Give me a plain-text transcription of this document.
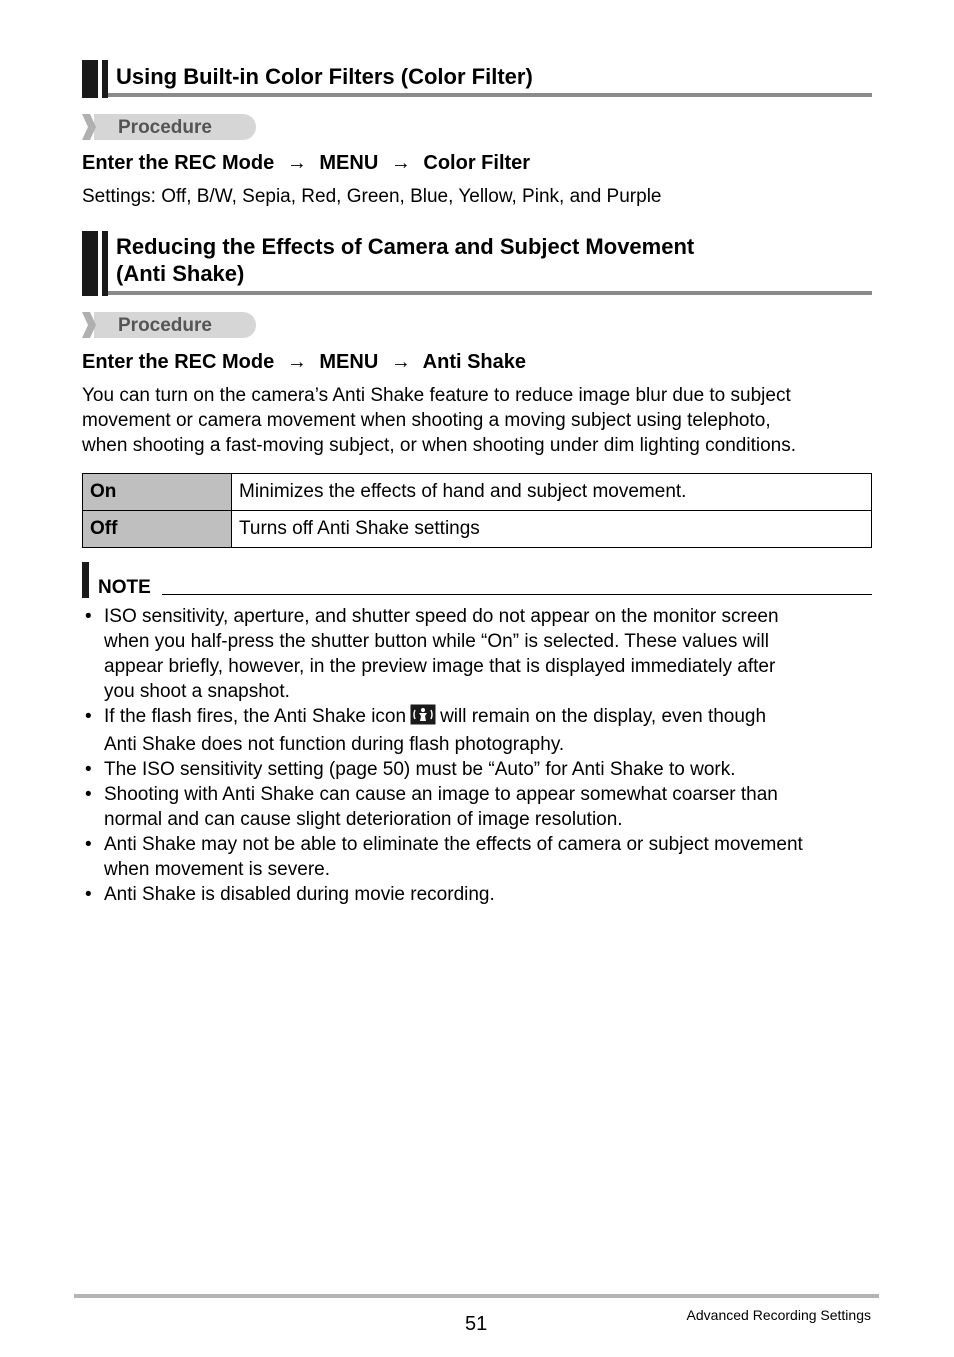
Using Built-in Color Filters (Color Filter)
Procedure
Enter the REC Mode → MENU → Color Filter
Settings: Off, B/W, Sepia, Red, Green, Blue, Yellow, Pink, and Purple
Reducing the Effects of Camera and Subject Movement
(Anti Shake)
Procedure
Enter the REC Mode → MENU → Anti Shake
You can turn on the camera’s Anti Shake feature to reduce image blur due to subject
movement or camera movement when shooting a moving subject using telephoto,
when shooting a fast-moving subject, or when shooting under dim lighting conditions.
On	Minimizes the effects of hand and subject movement.
Off	Turns off Anti Shake settings
NOTE
• ISO sensitivity, aperture, and shutter speed do not appear on the monitor screen
when you half-press the shutter button while “On” is selected. These values will
appear briefly, however, in the preview image that is displayed immediately after
you shoot a snapshot.
• If the flash fires, the Anti Shake icon will remain on the display, even though
Anti Shake does not function during flash photography.
• The ISO sensitivity setting (page 50) must be “Auto” for Anti Shake to work.
• Shooting with Anti Shake can cause an image to appear somewhat coarser than
normal and can cause slight deterioration of image resolution.
• Anti Shake may not be able to eliminate the effects of camera or subject movement
when movement is severe.
• Anti Shake is disabled during movie recording.
51	Advanced Recording Settings
